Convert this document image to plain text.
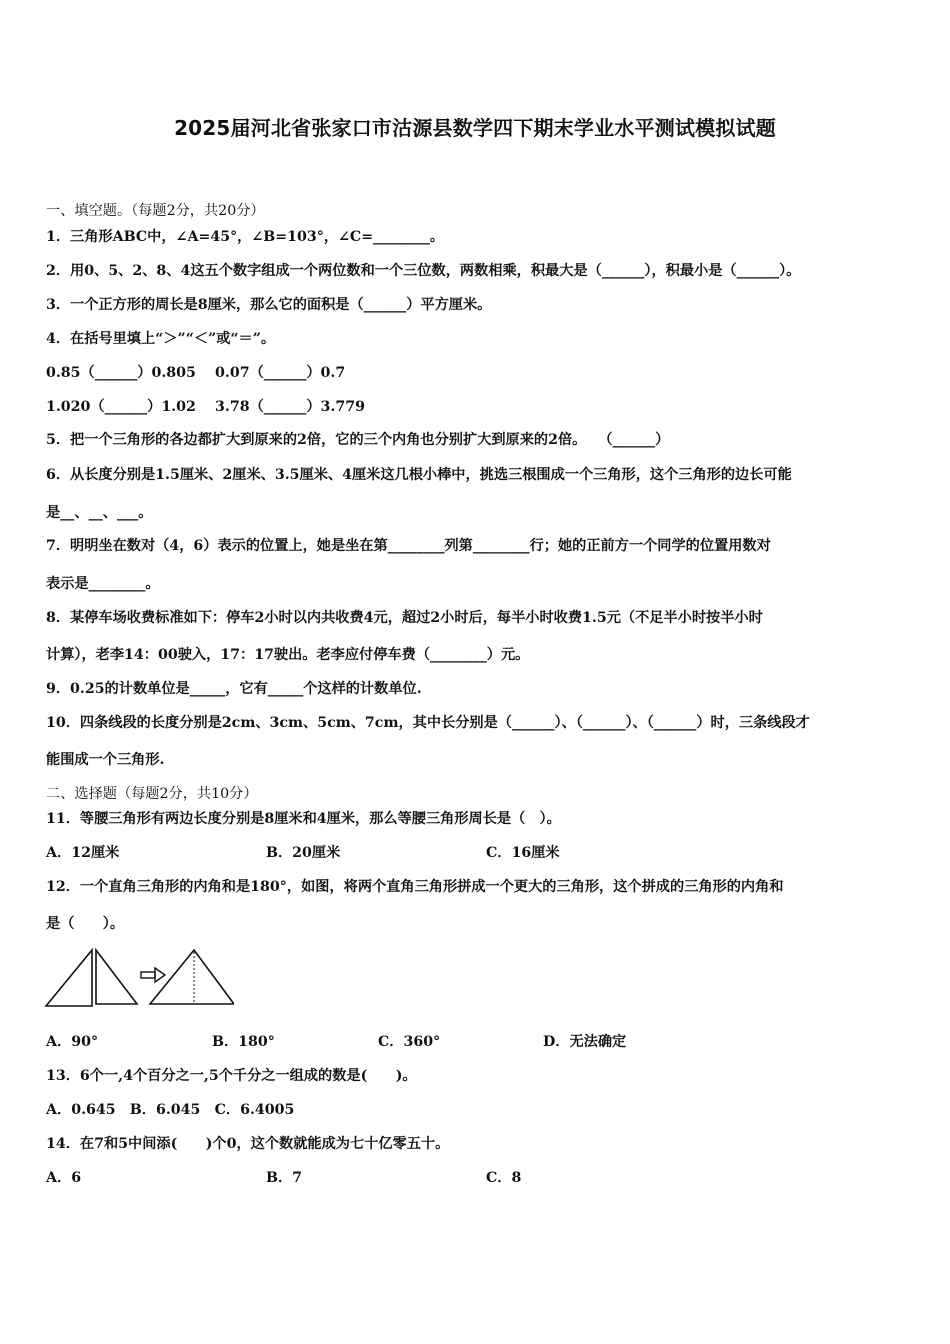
2025届河北省张家口市沽源县数学四下期末学业水平测试模拟试题
一、填空题。（每题2分，共20分）
1．三角形ABC中，∠A=45°，∠B=103°，∠C=________。
2．用0、5、2、8、4这五个数字组成一个两位数和一个三位数，两数相乘，积最大是（______），积最小是（______）。
3．一个正方形的周长是8厘米，那么它的面积是（______）平方厘米。
4．在括号里填上“＞”“＜”或“＝”。
0.85（______）0.805　 0.07（______）0.7
1.020（______）1.02　 3.78（______）3.779
5．把一个三角形的各边都扩大到原来的2倍，它的三个内角也分别扩大到原来的2倍。　 （______）
6．从长度分别是1.5厘米、2厘米、3.5厘米、4厘米这几根小棒中，挑选三根围成一个三角形，这个三角形的边长可能
是__、__、___。
7．明明坐在数对（4，6）表示的位置上，她是坐在第________列第________行；她的正前方一个同学的位置用数对
表示是________。
8．某停车场收费标准如下：停车2小时以内共收费4元，超过2小时后，每半小时收费1.5元（不足半小时按半小时
计算），老李14：00驶入，17：17驶出。老李应付停车费（________）元。
9．0.25的计数单位是_____，它有_____个这样的计数单位.
10．四条线段的长度分别是2cm、3cm、5cm、7cm，其中长分别是（______）、（______）、（______）时，三条线段才
能围成一个三角形.
二、选择题（每题2分，共10分）
11．等腰三角形有两边长度分别是8厘米和4厘米，那么等腰三角形周长是（　）。
A．12厘米	B．20厘米	C．16厘米
12．一个直角三角形的内角和是180°，如图，将两个直角三角形拼成一个更大的三角形，这个拼成的三角形的内角和
是（　　）。
A．90°	B．180°	C．360°	D．无法确定
13．6个一,4个百分之一,5个千分之一组成的数是(　　)。
A．0.645　B．6.045　C．6.4005
14．在7和5中间添(　　)个0，这个数就能成为七十亿零五十。
A．6	B．7	C．8
